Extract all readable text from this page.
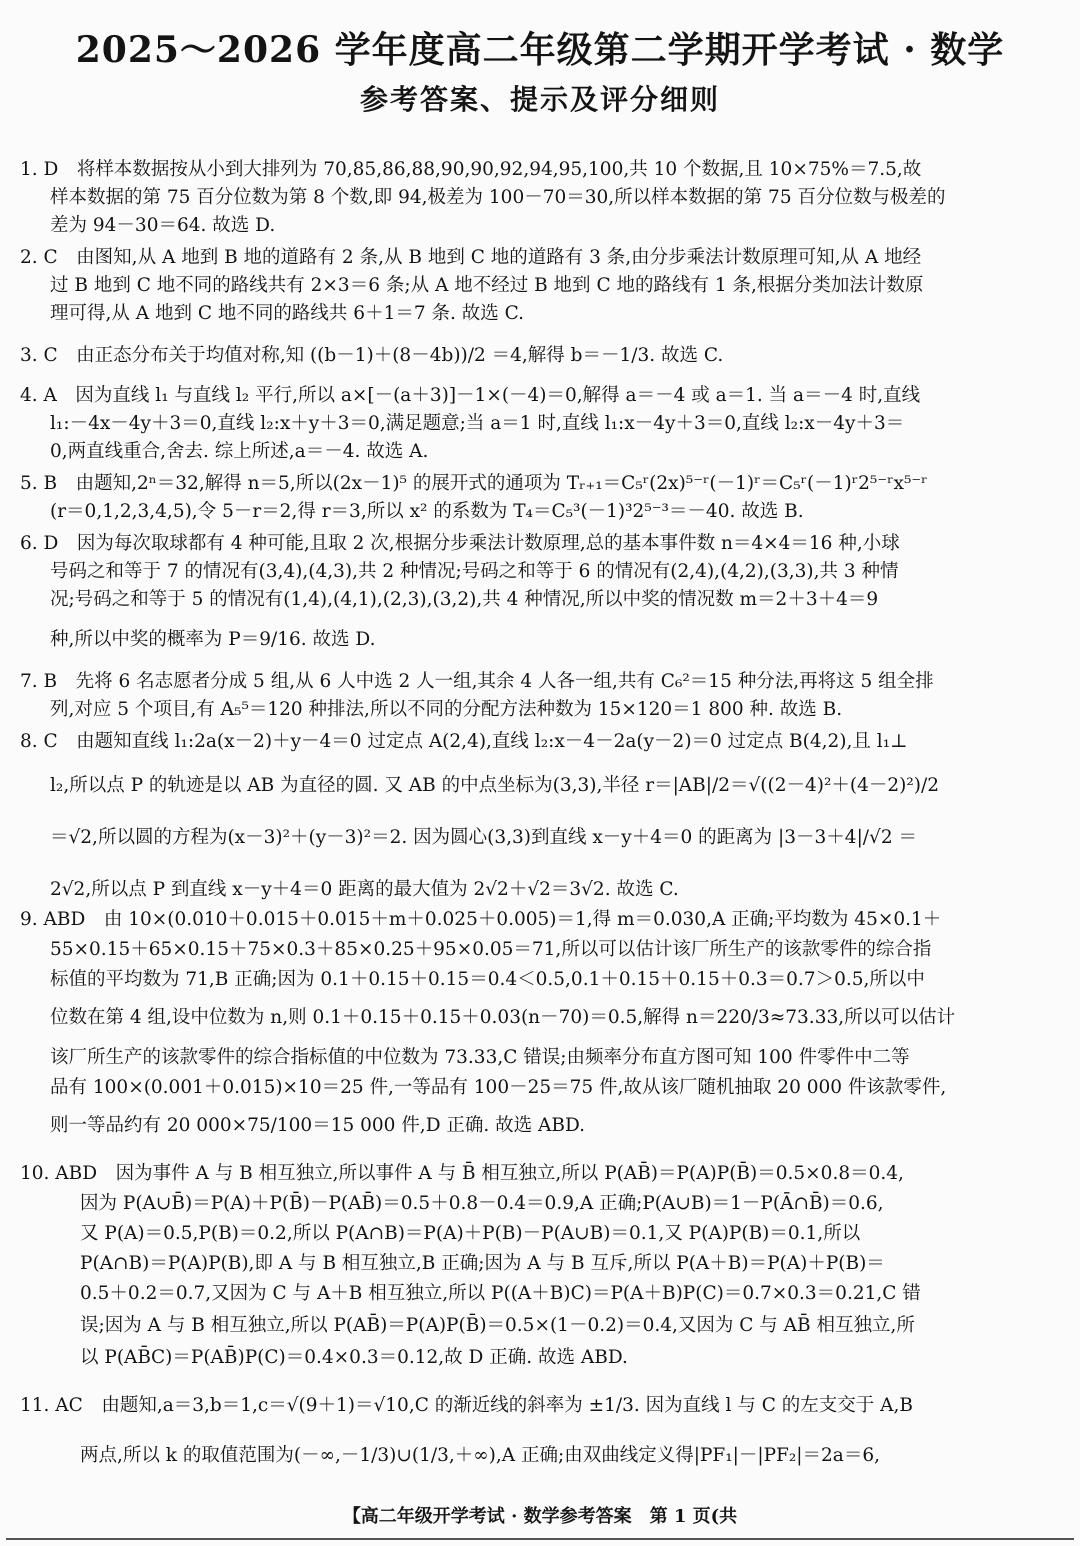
2025～2026 学年度高二年级第二学期开学考试 · 数学
参考答案、提示及评分细则
1. D　将样本数据按从小到大排列为 70,85,86,88,90,90,92,94,95,100,共 10 个数据,且 10×75%＝7.5,故
样本数据的第 75 百分位数为第 8 个数,即 94,极差为 100－70＝30,所以样本数据的第 75 百分位数与极差的
差为 94－30＝64. 故选 D.
2. C　由图知,从 A 地到 B 地的道路有 2 条,从 B 地到 C 地的道路有 3 条,由分步乘法计数原理可知,从 A 地经
过 B 地到 C 地不同的路线共有 2×3＝6 条;从 A 地不经过 B 地到 C 地的路线有 1 条,根据分类加法计数原
理可得,从 A 地到 C 地不同的路线共 6＋1＝7 条. 故选 C.
3. C　由正态分布关于均值对称,知 ((b－1)＋(8－4b))/2 ＝4,解得 b＝－1/3. 故选 C.
4. A　因为直线 l₁ 与直线 l₂ 平行,所以 a×[－(a＋3)]－1×(－4)＝0,解得 a＝－4 或 a＝1. 当 a＝－4 时,直线
l₁:－4x－4y＋3＝0,直线 l₂:x＋y＋3＝0,满足题意;当 a＝1 时,直线 l₁:x－4y＋3＝0,直线 l₂:x－4y＋3＝
0,两直线重合,舍去. 综上所述,a＝－4. 故选 A.
5. B　由题知,2ⁿ＝32,解得 n＝5,所以(2x－1)⁵ 的展开式的通项为 Tᵣ₊₁＝C₅ʳ(2x)⁵⁻ʳ(－1)ʳ＝C₅ʳ(－1)ʳ2⁵⁻ʳx⁵⁻ʳ
(r＝0,1,2,3,4,5),令 5－r＝2,得 r＝3,所以 x² 的系数为 T₄＝C₅³(－1)³2⁵⁻³＝－40. 故选 B.
6. D　因为每次取球都有 4 种可能,且取 2 次,根据分步乘法计数原理,总的基本事件数 n＝4×4＝16 种,小球
号码之和等于 7 的情况有(3,4),(4,3),共 2 种情况;号码之和等于 6 的情况有(2,4),(4,2),(3,3),共 3 种情
况;号码之和等于 5 的情况有(1,4),(4,1),(2,3),(3,2),共 4 种情况,所以中奖的情况数 m＝2＋3＋4＝9
种,所以中奖的概率为 P＝9/16. 故选 D.
7. B　先将 6 名志愿者分成 5 组,从 6 人中选 2 人一组,其余 4 人各一组,共有 C₆²＝15 种分法,再将这 5 组全排
列,对应 5 个项目,有 A₅⁵＝120 种排法,所以不同的分配方法种数为 15×120＝1 800 种. 故选 B.
8. C　由题知直线 l₁:2a(x－2)＋y－4＝0 过定点 A(2,4),直线 l₂:x－4－2a(y－2)＝0 过定点 B(4,2),且 l₁⊥
l₂,所以点 P 的轨迹是以 AB 为直径的圆. 又 AB 的中点坐标为(3,3),半径 r＝|AB|/2＝√((2－4)²＋(4－2)²)/2
＝√2,所以圆的方程为(x－3)²＋(y－3)²＝2. 因为圆心(3,3)到直线 x－y＋4＝0 的距离为 |3－3＋4|/√2 ＝
2√2,所以点 P 到直线 x－y＋4＝0 距离的最大值为 2√2＋√2＝3√2. 故选 C.
9. ABD　由 10×(0.010＋0.015＋0.015＋m＋0.025＋0.005)＝1,得 m＝0.030,A 正确;平均数为 45×0.1＋
55×0.15＋65×0.15＋75×0.3＋85×0.25＋95×0.05＝71,所以可以估计该厂所生产的该款零件的综合指
标值的平均数为 71,B 正确;因为 0.1＋0.15＋0.15＝0.4＜0.5,0.1＋0.15＋0.15＋0.3＝0.7＞0.5,所以中
位数在第 4 组,设中位数为 n,则 0.1＋0.15＋0.15＋0.03(n－70)＝0.5,解得 n＝220/3≈73.33,所以可以估计
该厂所生产的该款零件的综合指标值的中位数为 73.33,C 错误;由频率分布直方图可知 100 件零件中二等
品有 100×(0.001＋0.015)×10＝25 件,一等品有 100－25＝75 件,故从该厂随机抽取 20 000 件该款零件,
则一等品约有 20 000×75/100＝15 000 件,D 正确. 故选 ABD.
10. ABD　因为事件 A 与 B 相互独立,所以事件 A 与 B̄ 相互独立,所以 P(AB̄)＝P(A)P(B̄)＝0.5×0.8＝0.4,
因为 P(A∪B̄)＝P(A)＋P(B̄)－P(AB̄)＝0.5＋0.8－0.4＝0.9,A 正确;P(A∪B)＝1－P(Ā∩B̄)＝0.6,
又 P(A)＝0.5,P(B)＝0.2,所以 P(A∩B)＝P(A)＋P(B)－P(A∪B)＝0.1,又 P(A)P(B)＝0.1,所以
P(A∩B)＝P(A)P(B),即 A 与 B 相互独立,B 正确;因为 A 与 B 互斥,所以 P(A＋B)＝P(A)＋P(B)＝
0.5＋0.2＝0.7,又因为 C 与 A＋B 相互独立,所以 P((A＋B)C)＝P(A＋B)P(C)＝0.7×0.3＝0.21,C 错
误;因为 A 与 B 相互独立,所以 P(AB̄)＝P(A)P(B̄)＝0.5×(1－0.2)＝0.4,又因为 C 与 AB̄ 相互独立,所
以 P(AB̄C)＝P(AB̄)P(C)＝0.4×0.3＝0.12,故 D 正确. 故选 ABD.
11. AC　由题知,a＝3,b＝1,c＝√(9＋1)＝√10,C 的渐近线的斜率为 ±1/3. 因为直线 l 与 C 的左支交于 A,B
两点,所以 k 的取值范围为(－∞,－1/3)∪(1/3,＋∞),A 正确;由双曲线定义得|PF₁|－|PF₂|＝2a＝6,
【高二年级开学考试 · 数学参考答案　第 1 页(共
